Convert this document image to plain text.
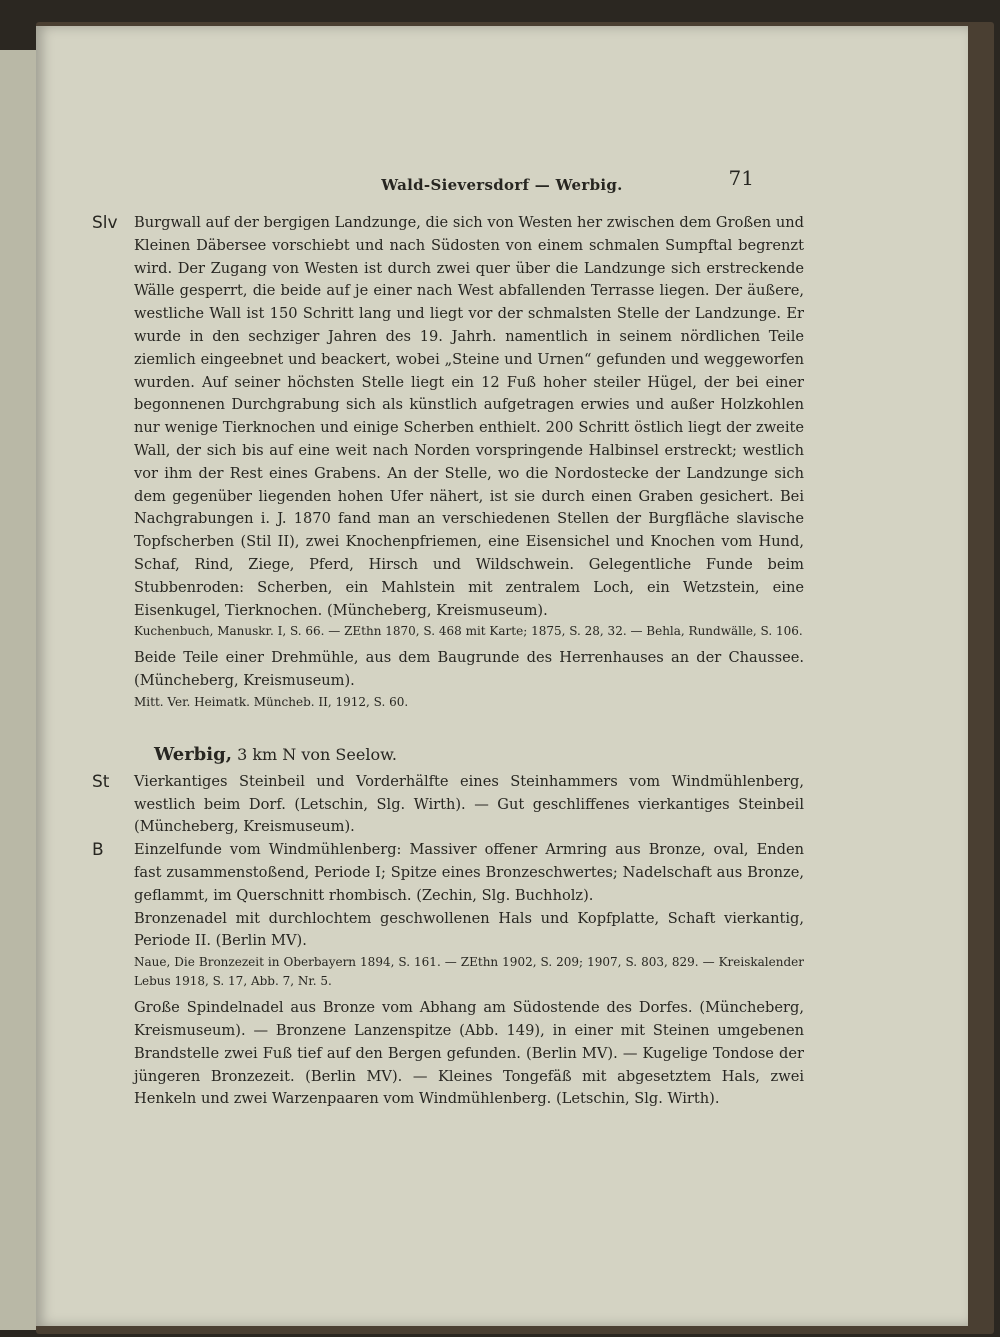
Wald-Sieversdorf — Werbig.	71
Slv Burgwall auf der bergigen Landzunge, die sich von Westen her zwischen dem Großen und Kleinen Däbersee vorschiebt und nach Südosten von einem schmalen Sumpftal begrenzt wird. Der Zugang von Westen ist durch zwei quer über die Landzunge sich erstreckende Wälle gesperrt, die beide auf je einer nach West abfallenden Terrasse liegen. Der äußere, westliche Wall ist 150 Schritt lang und liegt vor der schmalsten Stelle der Landzunge. Er wurde in den sechziger Jahren des 19. Jahrh. namentlich in seinem nördlichen Teile ziemlich eingeebnet und beackert, wobei „Steine und Urnen“ gefunden und weggeworfen wurden. Auf seiner höchsten Stelle liegt ein 12 Fuß hoher steiler Hügel, der bei einer begonnenen Durchgrabung sich als künstlich aufgetragen erwies und außer Holzkohlen nur wenige Tierknochen und einige Scherben enthielt. 200 Schritt östlich liegt der zweite Wall, der sich bis auf eine weit nach Norden vorspringende Halbinsel erstreckt; westlich vor ihm der Rest eines Grabens. An der Stelle, wo die Nordostecke der Landzunge sich dem gegenüber liegenden hohen Ufer nähert, ist sie durch einen Graben gesichert. Bei Nachgrabungen i. J. 1870 fand man an verschiedenen Stellen der Burgfläche slavische Topfscherben (Stil II), zwei Knochenpfriemen, eine Eisensichel und Knochen vom Hund, Schaf, Rind, Ziege, Pferd, Hirsch und Wildschwein. Gelegentliche Funde beim Stubbenroden: Scherben, ein Mahlstein mit zentralem Loch, ein Wetzstein, eine Eisenkugel, Tierknochen. (Müncheberg, Kreismuseum).

Kuchenbuch, Manuskr. I, S. 66. — ZEthn 1870, S. 468 mit Karte; 1875, S. 28, 32. — Behla, Rundwälle, S. 106.

Beide Teile einer Drehmühle, aus dem Baugrunde des Herrenhauses an der Chaussee. (Müncheberg, Kreismuseum).

Mitt. Ver. Heimatk. Müncheb. II, 1912, S. 60.

Werbig, 3 km N von Seelow.
St Vierkantiges Steinbeil und Vorderhälfte eines Steinhammers vom Windmühlenberg, westlich beim Dorf. (Letschin, Slg. Wirth). — Gut geschliffenes vierkantiges Steinbeil (Müncheberg, Kreismuseum).

B Einzelfunde vom Windmühlenberg: Massiver offener Armring aus Bronze, oval, Enden fast zusammenstoßend, Periode I; Spitze eines Bronzeschwertes; Nadelschaft aus Bronze, geflammt, im Querschnitt rhombisch. (Zechin, Slg. Buchholz).

Bronzenadel mit durchlochtem geschwollenen Hals und Kopfplatte, Schaft vierkantig, Periode II. (Berlin MV).

Naue, Die Bronzezeit in Oberbayern 1894, S. 161. — ZEthn 1902, S. 209; 1907, S. 803, 829. — Kreiskalender Lebus 1918, S. 17, Abb. 7, Nr. 5.

Große Spindelnadel aus Bronze vom Abhang am Südostende des Dorfes. (Müncheberg, Kreismuseum). — Bronzene Lanzenspitze (Abb. 149), in einer mit Steinen umgebenen Brandstelle zwei Fuß tief auf den Bergen gefunden. (Berlin MV). — Kugelige Tondose der jüngeren Bronzezeit. (Berlin MV). — Kleines Tongefäß mit abgesetztem Hals, zwei Henkeln und zwei Warzenpaaren vom Windmühlenberg. (Letschin, Slg. Wirth).
